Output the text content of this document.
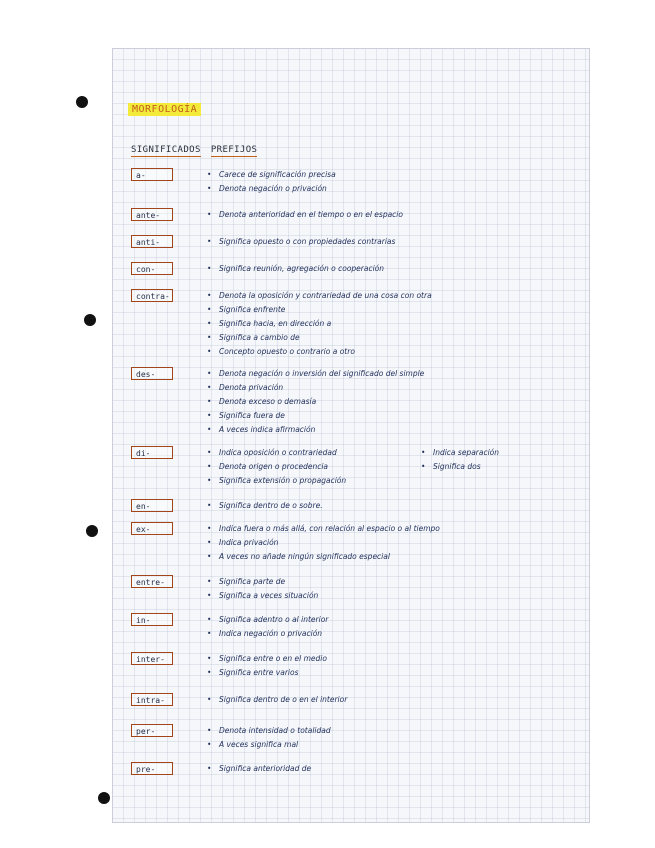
MORFOLOGÍA
SIGNIFICADOS PREFIJOS
a-	• Carece de significación precisa
• Denota negación o privación
ante-	• Denota anterioridad en el tiempo o en el espacio
anti-	• Significa opuesto o con propiedades contrarias
con-	• Significa reunión, agregación o cooperación
contra-	• Denota la oposición y contrariedad de una cosa con otra
• Significa enfrente
• Significa hacia, en dirección a
• Significa a cambio de
• Concepto opuesto o contrario a otro
des-	• Denota negación o inversión del significado del simple
• Denota privación
• Denota exceso o demasía
• Significa fuera de
• A veces indica afirmación
di-	• Indica oposición o contrariedad
• Denota origen o procedencia
• Significa extensión o propagación
• Indica separación
• Significa dos
en-	• Significa dentro de o sobre.
ex-	• Indica fuera o más allá, con relación al espacio o al tiempo
• Indica privación
• A veces no añade ningún significado especial
entre-	• Significa parte de
• Significa a veces situación
in-	• Significa adentro o al interior
• Indica negación o privación
inter-	• Significa entre o en el medio
• Significa entre varios
intra-	• Significa dentro de o en el interior
per-	• Denota intensidad o totalidad
• A veces significa mal
pre-	• Significa anterioridad de
